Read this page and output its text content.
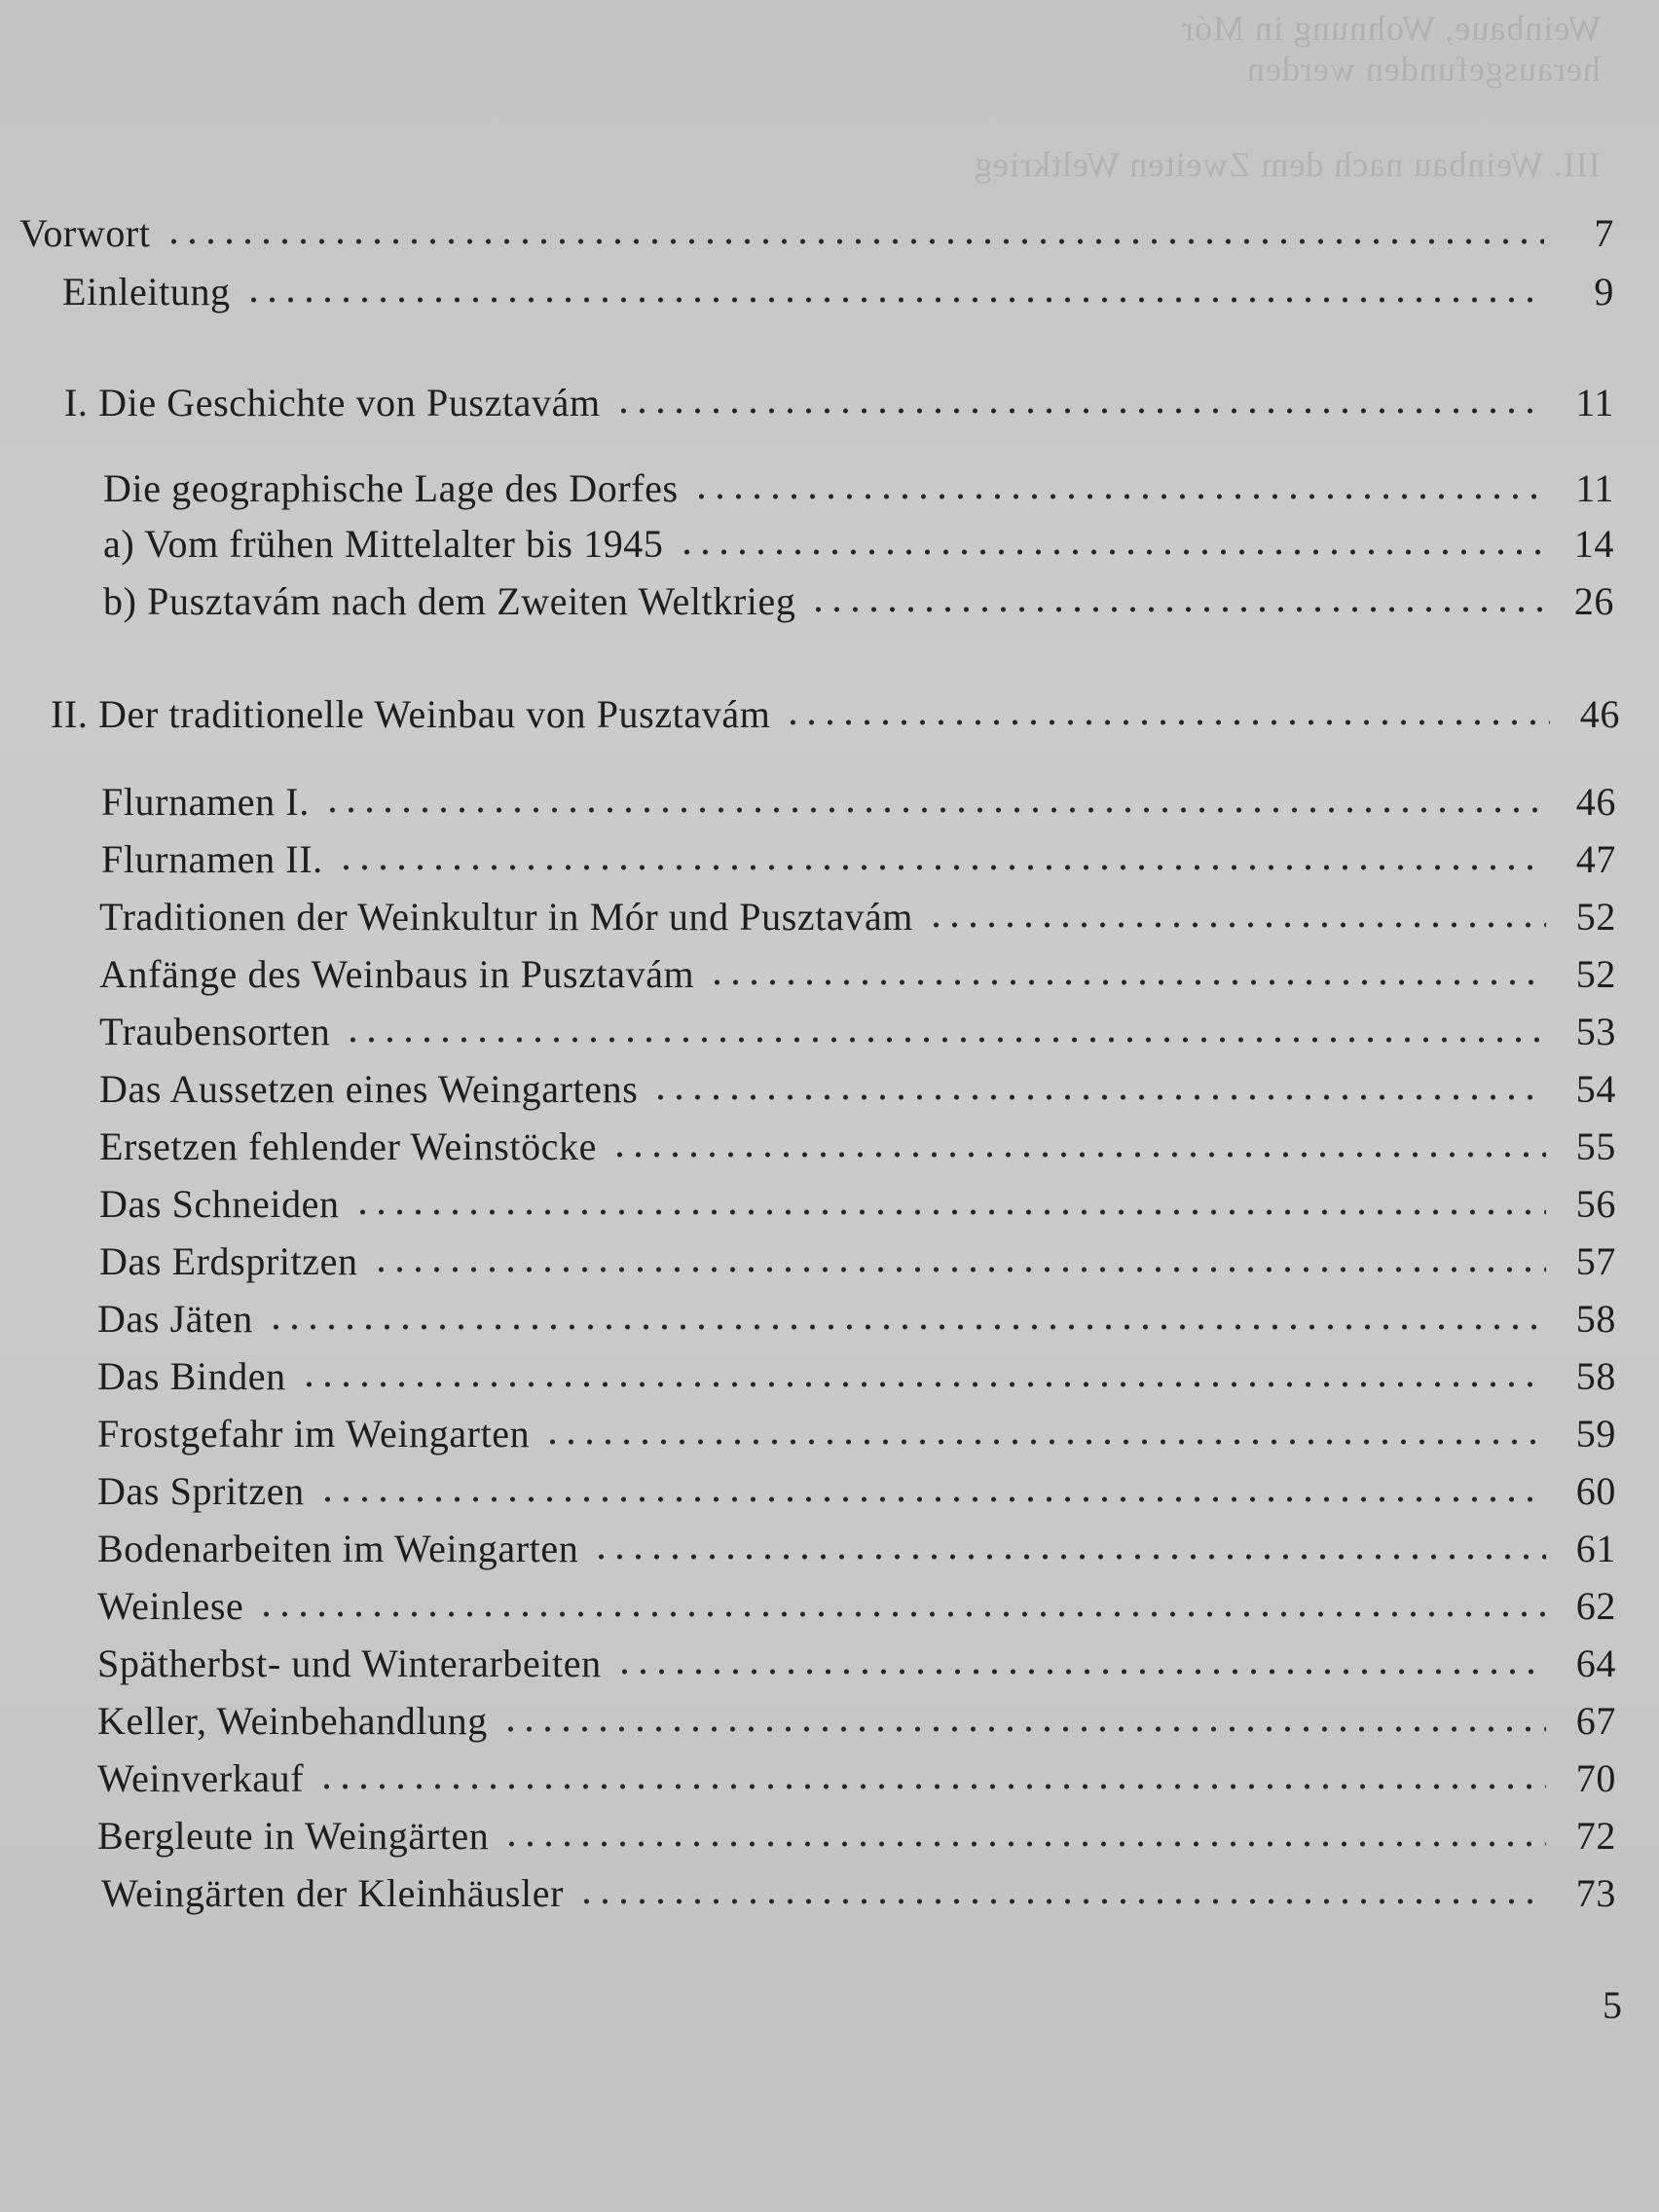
Weinbaue, Wohnung in Mór
herausgefunden werden
III. Weinbau nach dem Zweiten Weltkrieg
Vorwort	7
Einleitung	9
I. Die Geschichte von Pusztavám	11
Die geographische Lage des Dorfes	11
a) Vom frühen Mittelalter bis 1945	14
b) Pusztavám nach dem Zweiten Weltkrieg	26
II. Der traditionelle Weinbau von Pusztavám	46
Flurnamen I.	46
Flurnamen II.	47
Traditionen der Weinkultur in Mór und Pusztavám	52
Anfänge des Weinbaus in Pusztavám	52
Traubensorten	53
Das Aussetzen eines Weingartens	54
Ersetzen fehlender Weinstöcke	55
Das Schneiden	56
Das Erdspritzen	57
Das Jäten	58
Das Binden	58
Frostgefahr im Weingarten	59
Das Spritzen	60
Bodenarbeiten im Weingarten	61
Weinlese	62
Spätherbst- und Winterarbeiten	64
Keller, Weinbehandlung	67
Weinverkauf	70
Bergleute in Weingärten	72
Weingärten der Kleinhäusler	73
5
